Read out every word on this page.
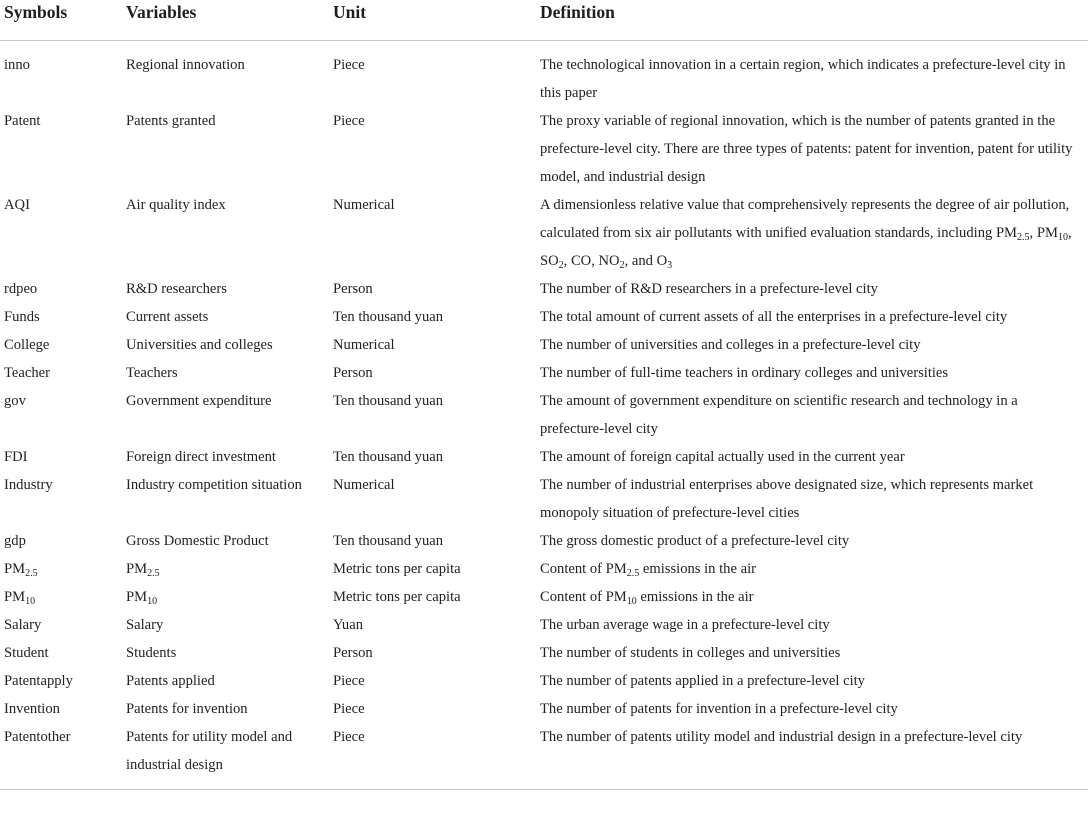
Symbols	Variables	Unit	Definition
inno	Regional innovation	Piece	The technological innovation in a certain region, which indicates a prefecture-level city in this paper
Patent	Patents granted	Piece	The proxy variable of regional innovation, which is the number of patents granted in the prefecture-level city. There are three types of patents: patent for invention, patent for utility model, and industrial design
AQI	Air quality index	Numerical	A dimensionless relative value that comprehensively represents the degree of air pollution, calculated from six air pollutants with unified evaluation standards, including $PM_{2.5}$, $PM_{10}$, $SO_2$, CO, $NO_2$, and $O_3$
rdpeo	R&D researchers	Person	The number of R&D researchers in a prefecture-level city
Funds	Current assets	Ten thousand yuan	The total amount of current assets of all the enterprises in a prefecture-level city
College	Universities and colleges	Numerical	The number of universities and colleges in a prefecture-level city
Teacher	Teachers	Person	The number of full-time teachers in ordinary colleges and universities
gov	Government expenditure	Ten thousand yuan	The amount of government expenditure on scientific research and technology in a prefecture-level city
FDI	Foreign direct investment	Ten thousand yuan	The amount of foreign capital actually used in the current year
Industry	Industry competition situation	Numerical	The number of industrial enterprises above designated size, which represents market monopoly situation of prefecture-level cities
gdp	Gross Domestic Product	Ten thousand yuan	The gross domestic product of a prefecture-level city
$PM_{2.5}$	$PM_{2.5}$	Metric tons per capita	Content of $PM_{2.5}$ emissions in the air
$PM_{10}$	$PM_{10}$	Metric tons per capita	Content of $PM_{10}$ emissions in the air
Salary	Salary	Yuan	The urban average wage in a prefecture-level city
Student	Students	Person	The number of students in colleges and universities
Patentapply	Patents applied	Piece	The number of patents applied in a prefecture-level city
Invention	Patents for invention	Piece	The number of patents for invention in a prefecture-level city
Patentother	Patents for utility model and industrial design	Piece	The number of patents utility model and industrial design in a prefecture-level city
